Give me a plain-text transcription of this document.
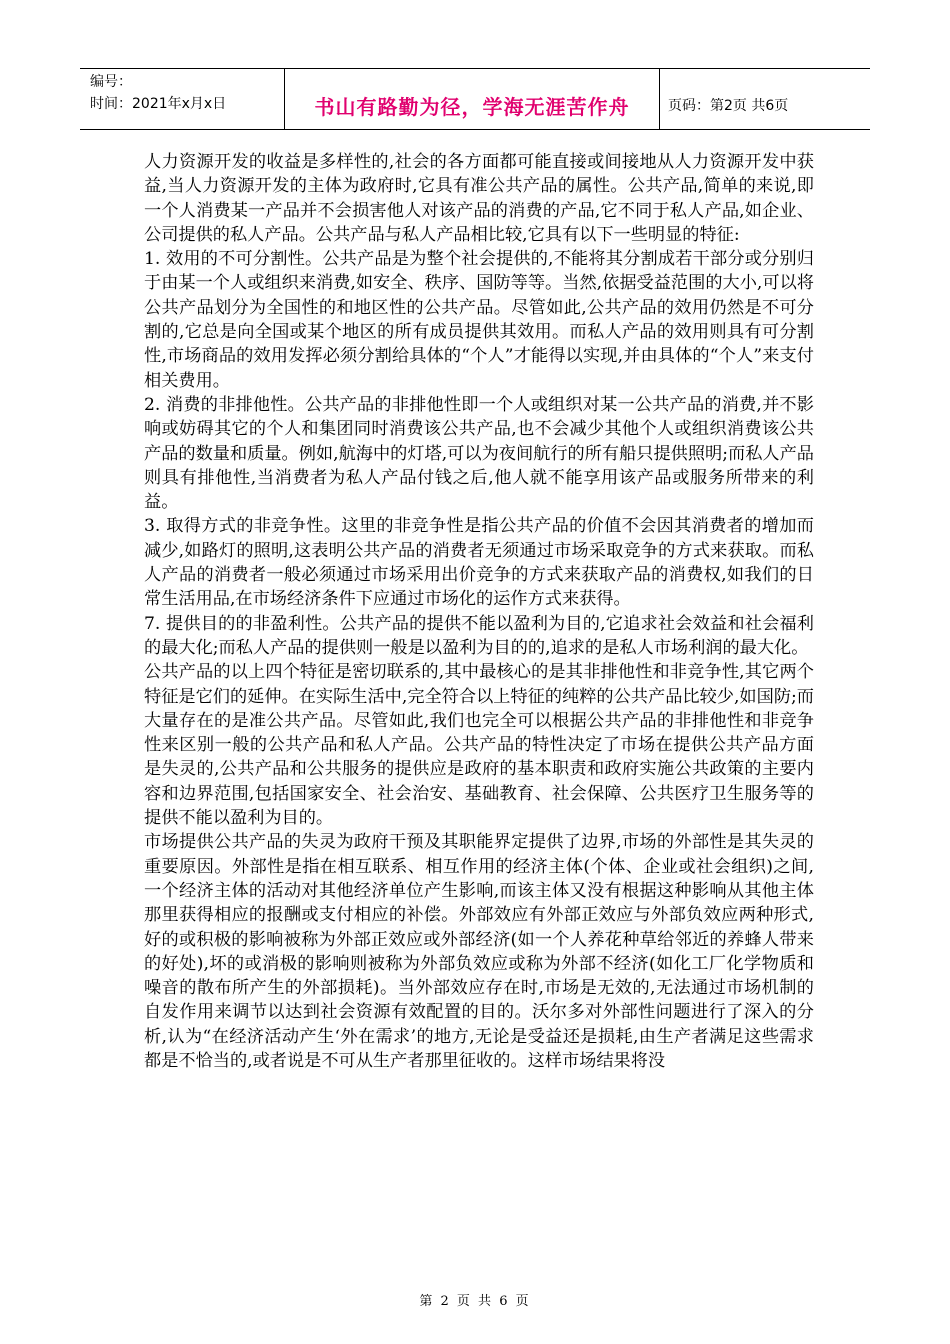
编号：
时间：2021年x月x日	书山有路勤为径，学海无涯苦作舟	页码：第2页 共6页

人力资源开发的收益是多样性的,社会的各方面都可能直接或间接地从人力资源开发中获益,当人力资源开发的主体为政府时,它具有准公共产品的属性。公共产品,简单的来说,即一个人消费某一产品并不会损害他人对该产品的消费的产品,它不同于私人产品,如企业、公司提供的私人产品。公共产品与私人产品相比较,它具有以下一些明显的特征:

1. 效用的不可分割性。公共产品是为整个社会提供的,不能将其分割成若干部分或分别归于由某一个人或组织来消费,如安全、秩序、国防等等。当然,依据受益范围的大小,可以将公共产品划分为全国性的和地区性的公共产品。尽管如此,公共产品的效用仍然是不可分割的,它总是向全国或某个地区的所有成员提供其效用。而私人产品的效用则具有可分割性,市场商品的效用发挥必须分割给具体的“个人”才能得以实现,并由具体的“个人”来支付相关费用。

2. 消费的非排他性。公共产品的非排他性即一个人或组织对某一公共产品的消费,并不影响或妨碍其它的个人和集团同时消费该公共产品,也不会减少其他个人或组织消费该公共产品的数量和质量。例如,航海中的灯塔,可以为夜间航行的所有船只提供照明;而私人产品则具有排他性,当消费者为私人产品付钱之后,他人就不能享用该产品或服务所带来的利益。

3. 取得方式的非竞争性。这里的非竞争性是指公共产品的价值不会因其消费者的增加而减少,如路灯的照明,这表明公共产品的消费者无须通过市场采取竞争的方式来获取。而私人产品的消费者一般必须通过市场采用出价竞争的方式来获取产品的消费权,如我们的日常生活用品,在市场经济条件下应通过市场化的运作方式来获得。

7. 提供目的的非盈利性。公共产品的提供不能以盈利为目的,它追求社会效益和社会福利的最大化;而私人产品的提供则一般是以盈利为目的的,追求的是私人市场利润的最大化。

公共产品的以上四个特征是密切联系的,其中最核心的是其非排他性和非竞争性,其它两个特征是它们的延伸。在实际生活中,完全符合以上特征的纯粹的公共产品比较少,如国防;而大量存在的是准公共产品。尽管如此,我们也完全可以根据公共产品的非排他性和非竞争性来区别一般的公共产品和私人产品。公共产品的特性决定了市场在提供公共产品方面是失灵的,公共产品和公共服务的提供应是政府的基本职责和政府实施公共政策的主要内容和边界范围,包括国家安全、社会治安、基础教育、社会保障、公共医疗卫生服务等的提供不能以盈利为目的。

市场提供公共产品的失灵为政府干预及其职能界定提供了边界,市场的外部性是其失灵的重要原因。外部性是指在相互联系、相互作用的经济主体(个体、企业或社会组织)之间,一个经济主体的活动对其他经济单位产生影响,而该主体又没有根据这种影响从其他主体那里获得相应的报酬或支付相应的补偿。外部效应有外部正效应与外部负效应两种形式,好的或积极的影响被称为外部正效应或外部经济(如一个人养花种草给邻近的养蜂人带来的好处),坏的或消极的影响则被称为外部负效应或称为外部不经济(如化工厂化学物质和噪音的散布所产生的外部损耗)。当外部效应存在时,市场是无效的,无法通过市场机制的自发作用来调节以达到社会资源有效配置的目的。沃尔多对外部性问题进行了深入的分析,认为“在经济活动产生‘外在需求’的地方,无论是受益还是损耗,由生产者满足这些需求都是不恰当的,或者说是不可从生产者那里征收的。这样市场结果将没

第 2 页 共 6 页
